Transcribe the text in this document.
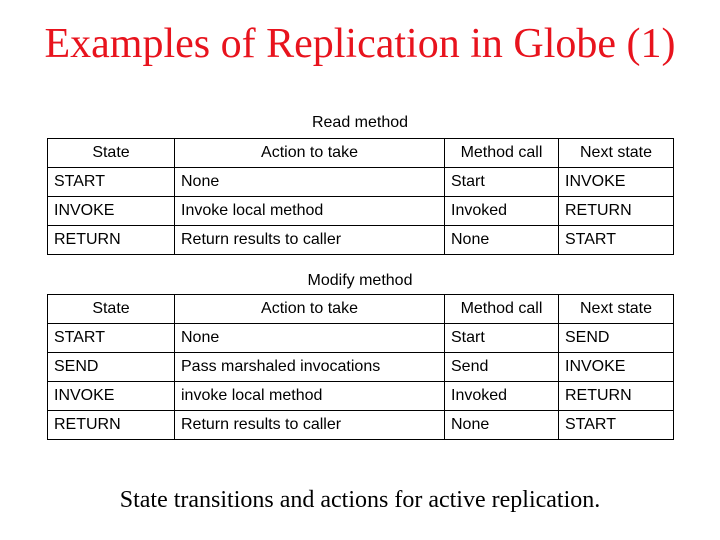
Examples of Replication in Globe (1)
Read method
State	Action to take	Method call	Next state
START	None	Start	INVOKE
INVOKE	Invoke local method	Invoked	RETURN
RETURN	Return results to caller	None	START
Modify method
State	Action to take	Method call	Next state
START	None	Start	SEND
SEND	Pass marshaled invocations	Send	INVOKE
INVOKE	invoke local method	Invoked	RETURN
RETURN	Return results to caller	None	START
State transitions and actions for active replication.
